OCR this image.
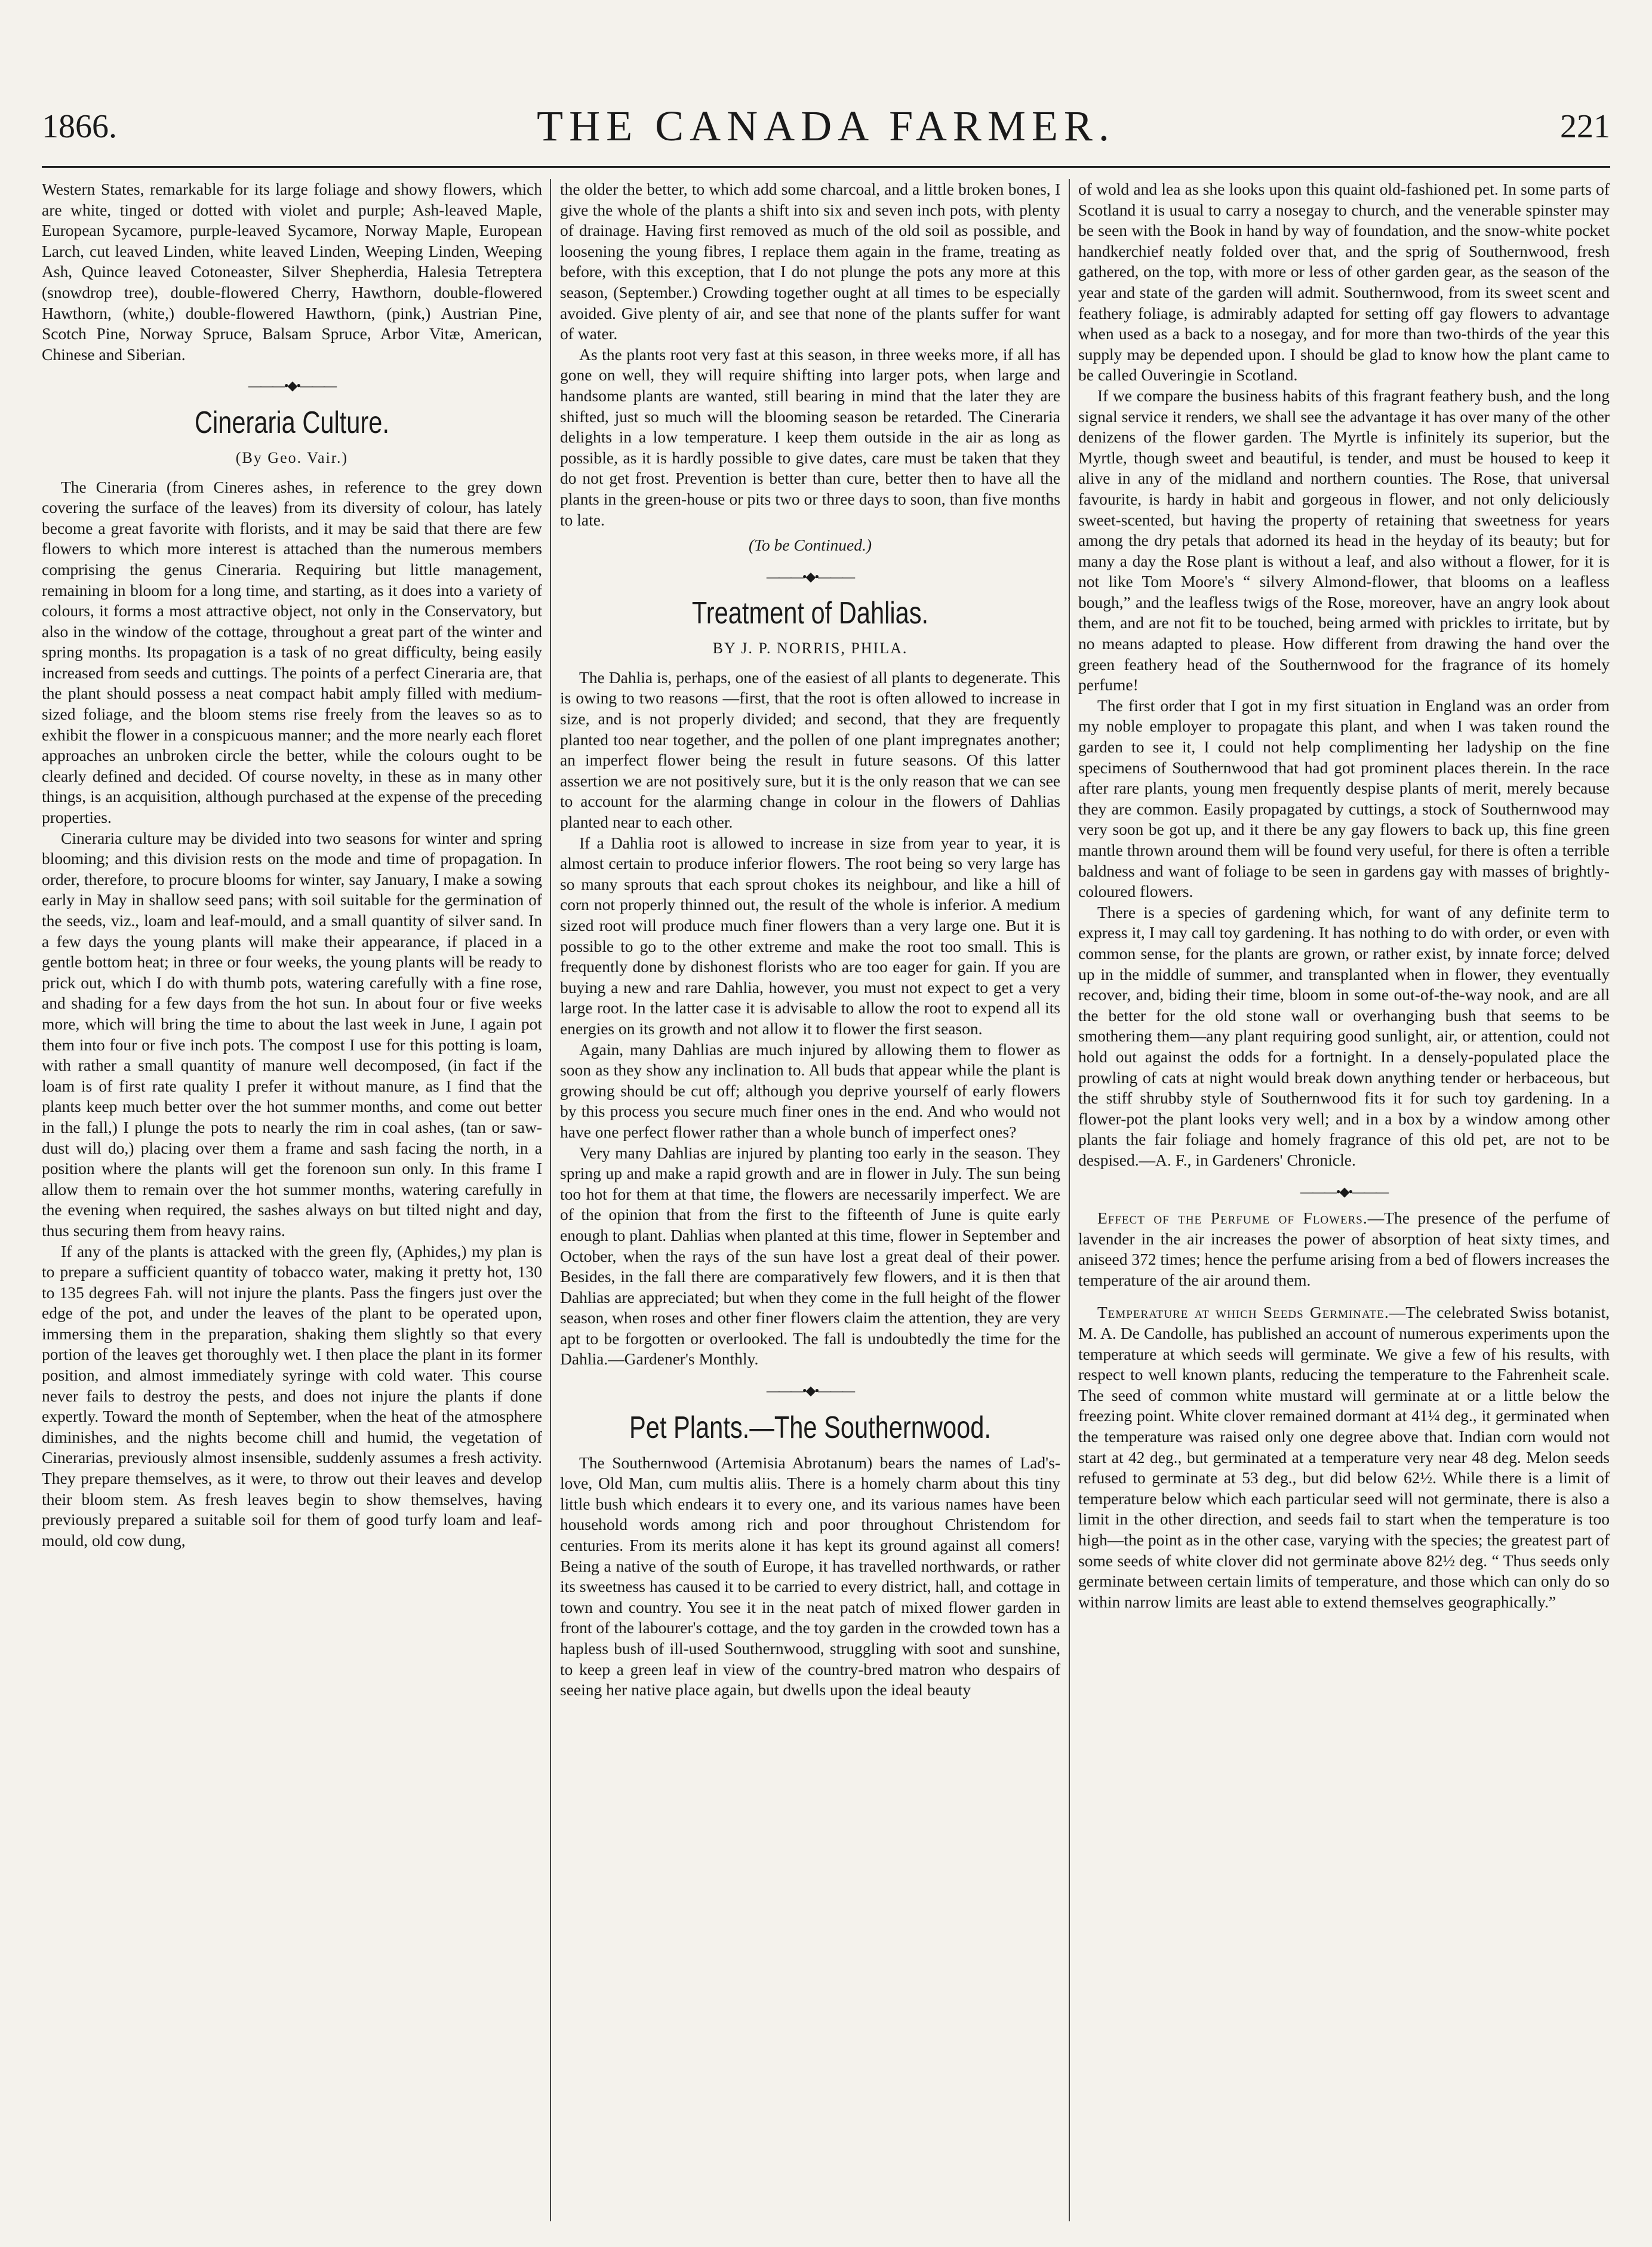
1866.	THE CANADA FARMER.	221

Western States, remarkable for its large foliage and showy flowers, which are white, tinged or dotted with violet and purple; Ash-leaved Maple, European Sycamore, purple-leaved Sycamore, Norway Maple, European Larch, cut leaved Linden, white leaved Linden, Weeping Linden, Weeping Ash, Quince leaved Cotoneaster, Silver Shepherdia, Halesia Tetreptera (snowdrop tree), double-flowered Cherry, Hawthorn, double-flowered Hawthorn, (white,) double-flowered Hawthorn, (pink,) Austrian Pine, Scotch Pine, Norway Spruce, Balsam Spruce, Arbor Vitæ, American, Chinese and Siberian.

———•◆•———
Cineraria Culture.
(By Geo. Vair.)

The Cineraria (from Cineres ashes, in reference to the grey down covering the surface of the leaves) from its diversity of colour, has lately become a great favorite with florists, and it may be said that there are few flowers to which more interest is attached than the numerous members comprising the genus Cineraria. Requiring but little management, remaining in bloom for a long time, and starting, as it does into a variety of colours, it forms a most attractive object, not only in the Conservatory, but also in the window of the cottage, throughout a great part of the winter and spring months. Its propagation is a task of no great difficulty, being easily increased from seeds and cuttings. The points of a perfect Cineraria are, that the plant should possess a neat compact habit amply filled with medium-sized foliage, and the bloom stems rise freely from the leaves so as to exhibit the flower in a conspicuous manner; and the more nearly each floret approaches an unbroken circle the better, while the colours ought to be clearly defined and decided. Of course novelty, in these as in many other things, is an acquisition, although purchased at the expense of the preceding properties.

Cineraria culture may be divided into two seasons for winter and spring blooming; and this division rests on the mode and time of propagation. In order, therefore, to procure blooms for winter, say January, I make a sowing early in May in shallow seed pans; with soil suitable for the germination of the seeds, viz., loam and leaf-mould, and a small quantity of silver sand. In a few days the young plants will make their appearance, if placed in a gentle bottom heat; in three or four weeks, the young plants will be ready to prick out, which I do with thumb pots, watering carefully with a fine rose, and shading for a few days from the hot sun. In about four or five weeks more, which will bring the time to about the last week in June, I again pot them into four or five inch pots. The compost I use for this potting is loam, with rather a small quantity of manure well decomposed, (in fact if the loam is of first rate quality I prefer it without manure, as I find that the plants keep much better over the hot summer months, and come out better in the fall,) I plunge the pots to nearly the rim in coal ashes, (tan or saw-dust will do,) placing over them a frame and sash facing the north, in a position where the plants will get the forenoon sun only. In this frame I allow them to remain over the hot summer months, watering carefully in the evening when required, the sashes always on but tilted night and day, thus securing them from heavy rains.

If any of the plants is attacked with the green fly, (Aphides,) my plan is to prepare a sufficient quantity of tobacco water, making it pretty hot, 130 to 135 degrees Fah. will not injure the plants. Pass the fingers just over the edge of the pot, and under the leaves of the plant to be operated upon, immersing them in the preparation, shaking them slightly so that every portion of the leaves get thoroughly wet. I then place the plant in its former position, and almost immediately syringe with cold water. This course never fails to destroy the pests, and does not injure the plants if done expertly. Toward the month of September, when the heat of the atmosphere diminishes, and the nights become chill and humid, the vegetation of Cinerarias, previously almost insensible, suddenly assumes a fresh activity. They prepare themselves, as it were, to throw out their leaves and develop their bloom stem. As fresh leaves begin to show themselves, having previously prepared a suitable soil for them of good turfy loam and leaf-mould, old cow dung,

the older the better, to which add some charcoal, and a little broken bones, I give the whole of the plants a shift into six and seven inch pots, with plenty of drainage. Having first removed as much of the old soil as possible, and loosening the young fibres, I replace them again in the frame, treating as before, with this exception, that I do not plunge the pots any more at this season, (September.) Crowding together ought at all times to be especially avoided. Give plenty of air, and see that none of the plants suffer for want of water.

As the plants root very fast at this season, in three weeks more, if all has gone on well, they will require shifting into larger pots, when large and handsome plants are wanted, still bearing in mind that the later they are shifted, just so much will the blooming season be retarded. The Cineraria delights in a low temperature. I keep them outside in the air as long as possible, as it is hardly possible to give dates, care must be taken that they do not get frost. Prevention is better than cure, better then to have all the plants in the green-house or pits two or three days to soon, than five months to late.

(To be Continued.)
———•◆•———
Treatment of Dahlias.
BY J. P. NORRIS, PHILA.

The Dahlia is, perhaps, one of the easiest of all plants to degenerate. This is owing to two reasons —first, that the root is often allowed to increase in size, and is not properly divided; and second, that they are frequently planted too near together, and the pollen of one plant impregnates another; an imperfect flower being the result in future seasons. Of this latter assertion we are not positively sure, but it is the only reason that we can see to account for the alarming change in colour in the flowers of Dahlias planted near to each other.

If a Dahlia root is allowed to increase in size from year to year, it is almost certain to produce inferior flowers. The root being so very large has so many sprouts that each sprout chokes its neighbour, and like a hill of corn not properly thinned out, the result of the whole is inferior. A medium sized root will produce much finer flowers than a very large one. But it is possible to go to the other extreme and make the root too small. This is frequently done by dishonest florists who are too eager for gain. If you are buying a new and rare Dahlia, however, you must not expect to get a very large root. In the latter case it is advisable to allow the root to expend all its energies on its growth and not allow it to flower the first season.

Again, many Dahlias are much injured by allowing them to flower as soon as they show any inclination to. All buds that appear while the plant is growing should be cut off; although you deprive yourself of early flowers by this process you secure much finer ones in the end. And who would not have one perfect flower rather than a whole bunch of imperfect ones?

Very many Dahlias are injured by planting too early in the season. They spring up and make a rapid growth and are in flower in July. The sun being too hot for them at that time, the flowers are necessarily imperfect. We are of the opinion that from the first to the fifteenth of June is quite early enough to plant. Dahlias when planted at this time, flower in September and October, when the rays of the sun have lost a great deal of their power. Besides, in the fall there are comparatively few flowers, and it is then that Dahlias are appreciated; but when they come in the full height of the flower season, when roses and other finer flowers claim the attention, they are very apt to be forgotten or overlooked. The fall is undoubtedly the time for the Dahlia.—Gardener's Monthly.

———•◆•———
Pet Plants.—The Southernwood.

The Southernwood (Artemisia Abrotanum) bears the names of Lad's-love, Old Man, cum multis aliis. There is a homely charm about this tiny little bush which endears it to every one, and its various names have been household words among rich and poor throughout Christendom for centuries. From its merits alone it has kept its ground against all comers! Being a native of the south of Europe, it has travelled northwards, or rather its sweetness has caused it to be carried to every district, hall, and cottage in town and country. You see it in the neat patch of mixed flower garden in front of the labourer's cottage, and the toy garden in the crowded town has a hapless bush of ill-used Southernwood, struggling with soot and sunshine, to keep a green leaf in view of the country-bred matron who despairs of seeing her native place again, but dwells upon the ideal beauty

of wold and lea as she looks upon this quaint old-fashioned pet. In some parts of Scotland it is usual to carry a nosegay to church, and the venerable spinster may be seen with the Book in hand by way of foundation, and the snow-white pocket handkerchief neatly folded over that, and the sprig of Southernwood, fresh gathered, on the top, with more or less of other garden gear, as the season of the year and state of the garden will admit. Southernwood, from its sweet scent and feathery foliage, is admirably adapted for setting off gay flowers to advantage when used as a back to a nosegay, and for more than two-thirds of the year this supply may be depended upon. I should be glad to know how the plant came to be called Ouveringie in Scotland.

If we compare the business habits of this fragrant feathery bush, and the long signal service it renders, we shall see the advantage it has over many of the other denizens of the flower garden. The Myrtle is infinitely its superior, but the Myrtle, though sweet and beautiful, is tender, and must be housed to keep it alive in any of the midland and northern counties. The Rose, that universal favourite, is hardy in habit and gorgeous in flower, and not only deliciously sweet-scented, but having the property of retaining that sweetness for years among the dry petals that adorned its head in the heyday of its beauty; but for many a day the Rose plant is without a leaf, and also without a flower, for it is not like Tom Moore's “ silvery Almond-flower, that blooms on a leafless bough,” and the leafless twigs of the Rose, moreover, have an angry look about them, and are not fit to be touched, being armed with prickles to irritate, but by no means adapted to please. How different from drawing the hand over the green feathery head of the Southernwood for the fragrance of its homely perfume!

The first order that I got in my first situation in England was an order from my noble employer to propagate this plant, and when I was taken round the garden to see it, I could not help complimenting her ladyship on the fine specimens of Southernwood that had got prominent places therein. In the race after rare plants, young men frequently despise plants of merit, merely because they are common. Easily propagated by cuttings, a stock of Southernwood may very soon be got up, and it there be any gay flowers to back up, this fine green mantle thrown around them will be found very useful, for there is often a terrible baldness and want of foliage to be seen in gardens gay with masses of brightly-coloured flowers.

There is a species of gardening which, for want of any definite term to express it, I may call toy gardening. It has nothing to do with order, or even with common sense, for the plants are grown, or rather exist, by innate force; delved up in the middle of summer, and transplanted when in flower, they eventually recover, and, biding their time, bloom in some out-of-the-way nook, and are all the better for the old stone wall or overhanging bush that seems to be smothering them—any plant requiring good sunlight, air, or attention, could not hold out against the odds for a fortnight. In a densely-populated place the prowling of cats at night would break down anything tender or herbaceous, but the stiff shrubby style of Southernwood fits it for such toy gardening. In a flower-pot the plant looks very well; and in a box by a window among other plants the fair foliage and homely fragrance of this old pet, are not to be despised.—A. F., in Gardeners' Chronicle.

———•◆•———

Effect of the Perfume of Flowers.—The presence of the perfume of lavender in the air increases the power of absorption of heat sixty times, and aniseed 372 times; hence the perfume arising from a bed of flowers increases the temperature of the air around them.

Temperature at which Seeds Germinate.—The celebrated Swiss botanist, M. A. De Candolle, has published an account of numerous experiments upon the temperature at which seeds will germinate. We give a few of his results, with respect to well known plants, reducing the temperature to the Fahrenheit scale. The seed of common white mustard will germinate at or a little below the freezing point. White clover remained dormant at 41¼ deg., it germinated when the temperature was raised only one degree above that. Indian corn would not start at 42 deg., but germinated at a temperature very near 48 deg. Melon seeds refused to germinate at 53 deg., but did below 62½. While there is a limit of temperature below which each particular seed will not germinate, there is also a limit in the other direction, and seeds fail to start when the temperature is too high—the point as in the other case, varying with the species; the greatest part of some seeds of white clover did not germinate above 82½ deg. “ Thus seeds only germinate between certain limits of temperature, and those which can only do so within narrow limits are least able to extend themselves geographically.”
